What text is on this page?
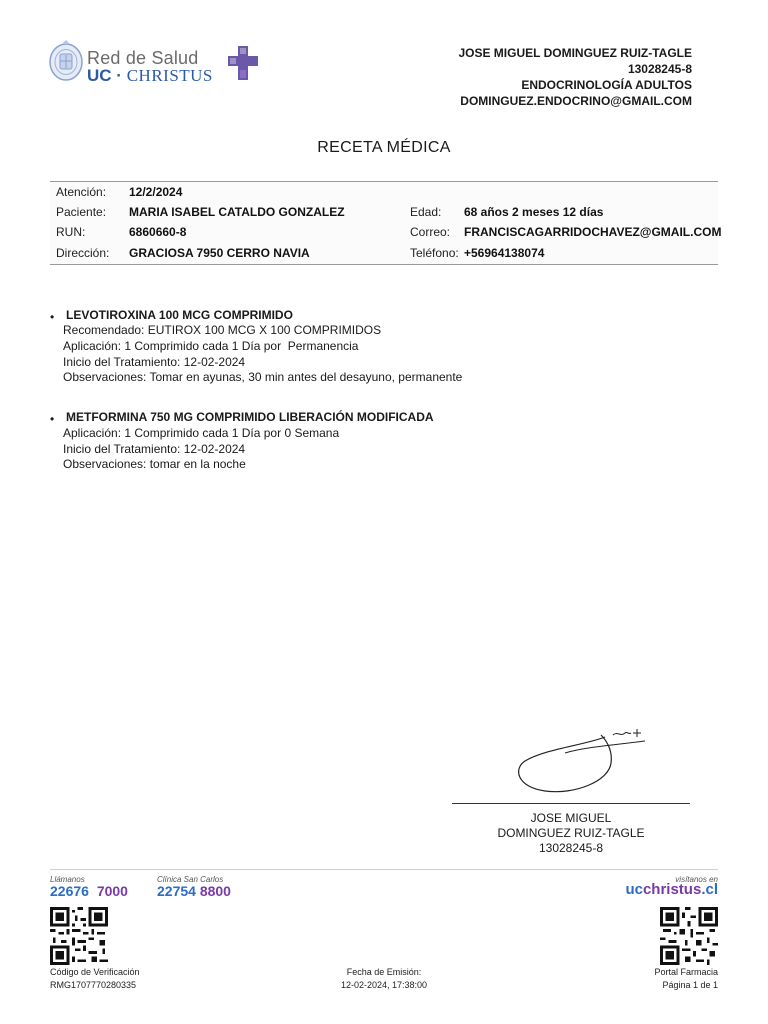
Red de Salud
UC · CHRISTUS
JOSE MIGUEL DOMINGUEZ RUIZ-TAGLE
13028245-8
ENDOCRINOLOGÍA ADULTOS
DOMINGUEZ.ENDOCRINO@GMAIL.COM
RECETA MÉDICA
Atención: 12/2/2024
Paciente: MARIA ISABEL CATALDO GONZALEZ
RUN:	6860660-8
Dirección: GRACIOSA 7950 CERRO NAVIA
Edad: 68 años 2 meses 12 días
Correo: FRANCISCAGARRIDOCHAVEZ@GMAIL.COM
Teléfono: +56964138074
• LEVOTIROXINA 100 MCG COMPRIMIDO
Recomendado: EUTIROX 100 MCG X 100 COMPRIMIDOS
Aplicación: 1 Comprimido cada 1 Día por  Permanencia
Inicio del Tratamiento: 12-02-2024
Observaciones: Tomar en ayunas, 30 min antes del desayuno, permanente
• METFORMINA 750 MG COMPRIMIDO LIBERACIÓN MODIFICADA
Aplicación: 1 Comprimido cada 1 Día por 0 Semana
Inicio del Tratamiento: 12-02-2024
Observaciones: tomar en la noche
JOSE MIGUEL
DOMINGUEZ RUIZ-TAGLE
13028245-8
Llámanos
22676 7000
Clínica San Carlos
22754 8800
visítanos en
ucchristus.cl
Código de Verificación
RMG1707770280335
Fecha de Emisión:
12-02-2024, 17:38:00
Portal Farmacia
Página 1 de 1
